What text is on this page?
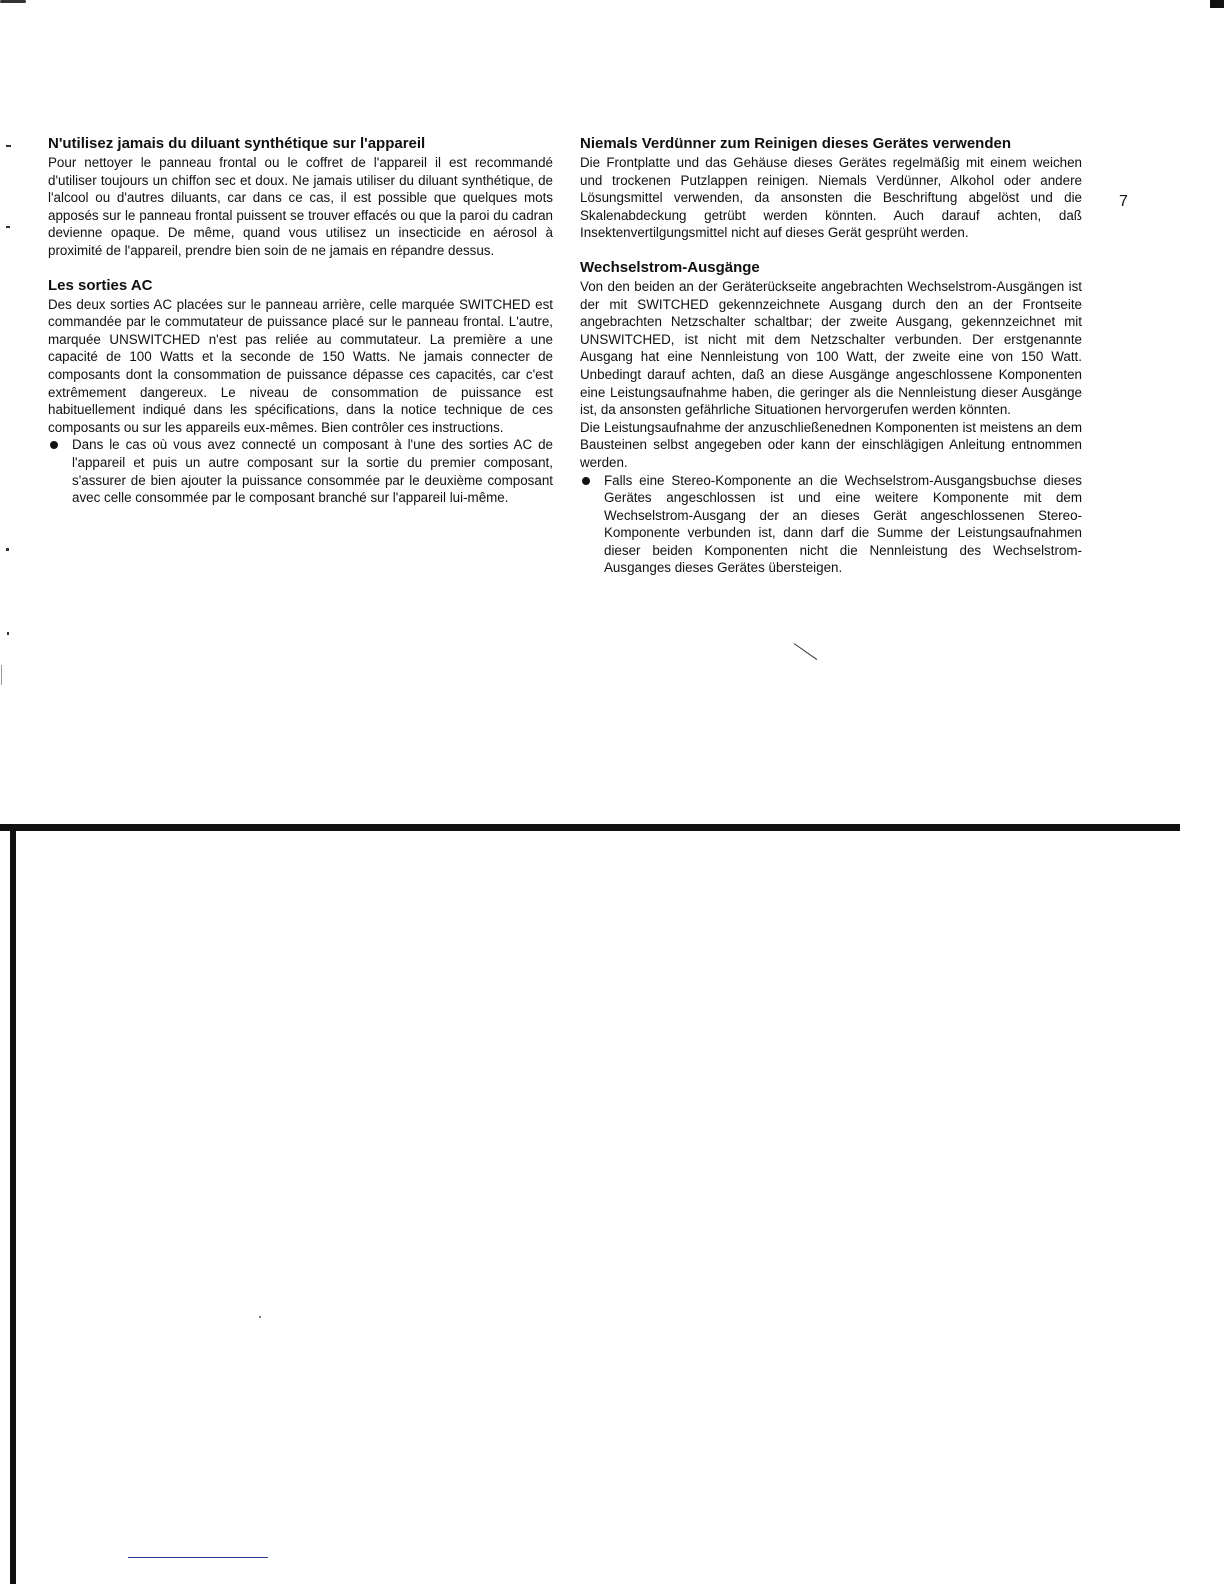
N'utilisez jamais du diluant synthétique sur l'appareil

Pour nettoyer le panneau frontal ou le coffret de l'appareil il est recommandé d'utiliser toujours un chiffon sec et doux. Ne jamais utiliser du diluant synthétique, de l'alcool ou d'autres diluants, car dans ce cas, il est possible que quelques mots apposés sur le panneau frontal puissent se trouver effacés ou que la paroi du cadran devienne opaque. De même, quand vous utilisez un insecticide en aérosol à proximité de l'appareil, prendre bien soin de ne jamais en répandre dessus.

Les sorties AC

Des deux sorties AC placées sur le panneau arrière, celle marquée SWITCHED est commandée par le commutateur de puissance placé sur le panneau frontal. L'autre, marquée UNSWITCHED n'est pas reliée au commutateur. La première a une capacité de 100 Watts et la seconde de 150 Watts. Ne jamais connecter de composants dont la consommation de puissance dépasse ces capacités, car c'est extrêmement dangereux. Le niveau de consommation de puissance est habituellement indiqué dans les spécifications, dans la notice technique de ces composants ou sur les appareils eux-mêmes. Bien contrôler ces instructions.

Dans le cas où vous avez connecté un composant à l'une des sorties AC de l'appareil et puis un autre composant sur la sortie du premier composant, s'assurer de bien ajouter la puissance consommée par le deuxième composant avec celle consommée par le composant branché sur l'appareil lui-même.
Niemals Verdünner zum Reinigen dieses Gerätes verwenden

Die Frontplatte und das Gehäuse dieses Gerätes regelmäßig mit einem weichen und trockenen Putzlappen reinigen. Niemals Verdünner, Alkohol oder andere Lösungsmittel verwenden, da ansonsten die Beschriftung abgelöst und die Skalenabdeckung getrübt werden könnten. Auch darauf achten, daß Insektenvertilgungsmittel nicht auf dieses Gerät gesprüht werden.

Wechselstrom-Ausgänge

Von den beiden an der Geräterückseite angebrachten Wechselstrom-Ausgängen ist der mit SWITCHED gekennzeichnete Ausgang durch den an der Frontseite angebrachten Netzschalter schaltbar; der zweite Ausgang, gekennzeichnet mit UNSWITCHED, ist nicht mit dem Netzschalter verbunden. Der erstgenannte Ausgang hat eine Nennleistung von 100 Watt, der zweite eine von 150 Watt. Unbedingt darauf achten, daß an diese Ausgänge angeschlossene Komponenten eine Leistungsaufnahme haben, die geringer als die Nennleistung dieser Ausgänge ist, da ansonsten gefährliche Situationen hervorgerufen werden könnten.

Die Leistungsaufnahme der anzuschließenednen Komponenten ist meistens an dem Bausteinen selbst angegeben oder kann der einschlägigen Anleitung entnommen werden.

Falls eine Stereo-Komponente an die Wechselstrom-Ausgangsbuchse dieses Gerätes angeschlossen ist und eine weitere Komponente mit dem Wechselstrom-Ausgang der an dieses Gerät angeschlossenen Stereo-Komponente verbunden ist, dann darf die Summe der Leistungsaufnahmen dieser beiden Komponenten nicht die Nennleistung des Wechselstrom-Ausganges dieses Gerätes übersteigen.
7
